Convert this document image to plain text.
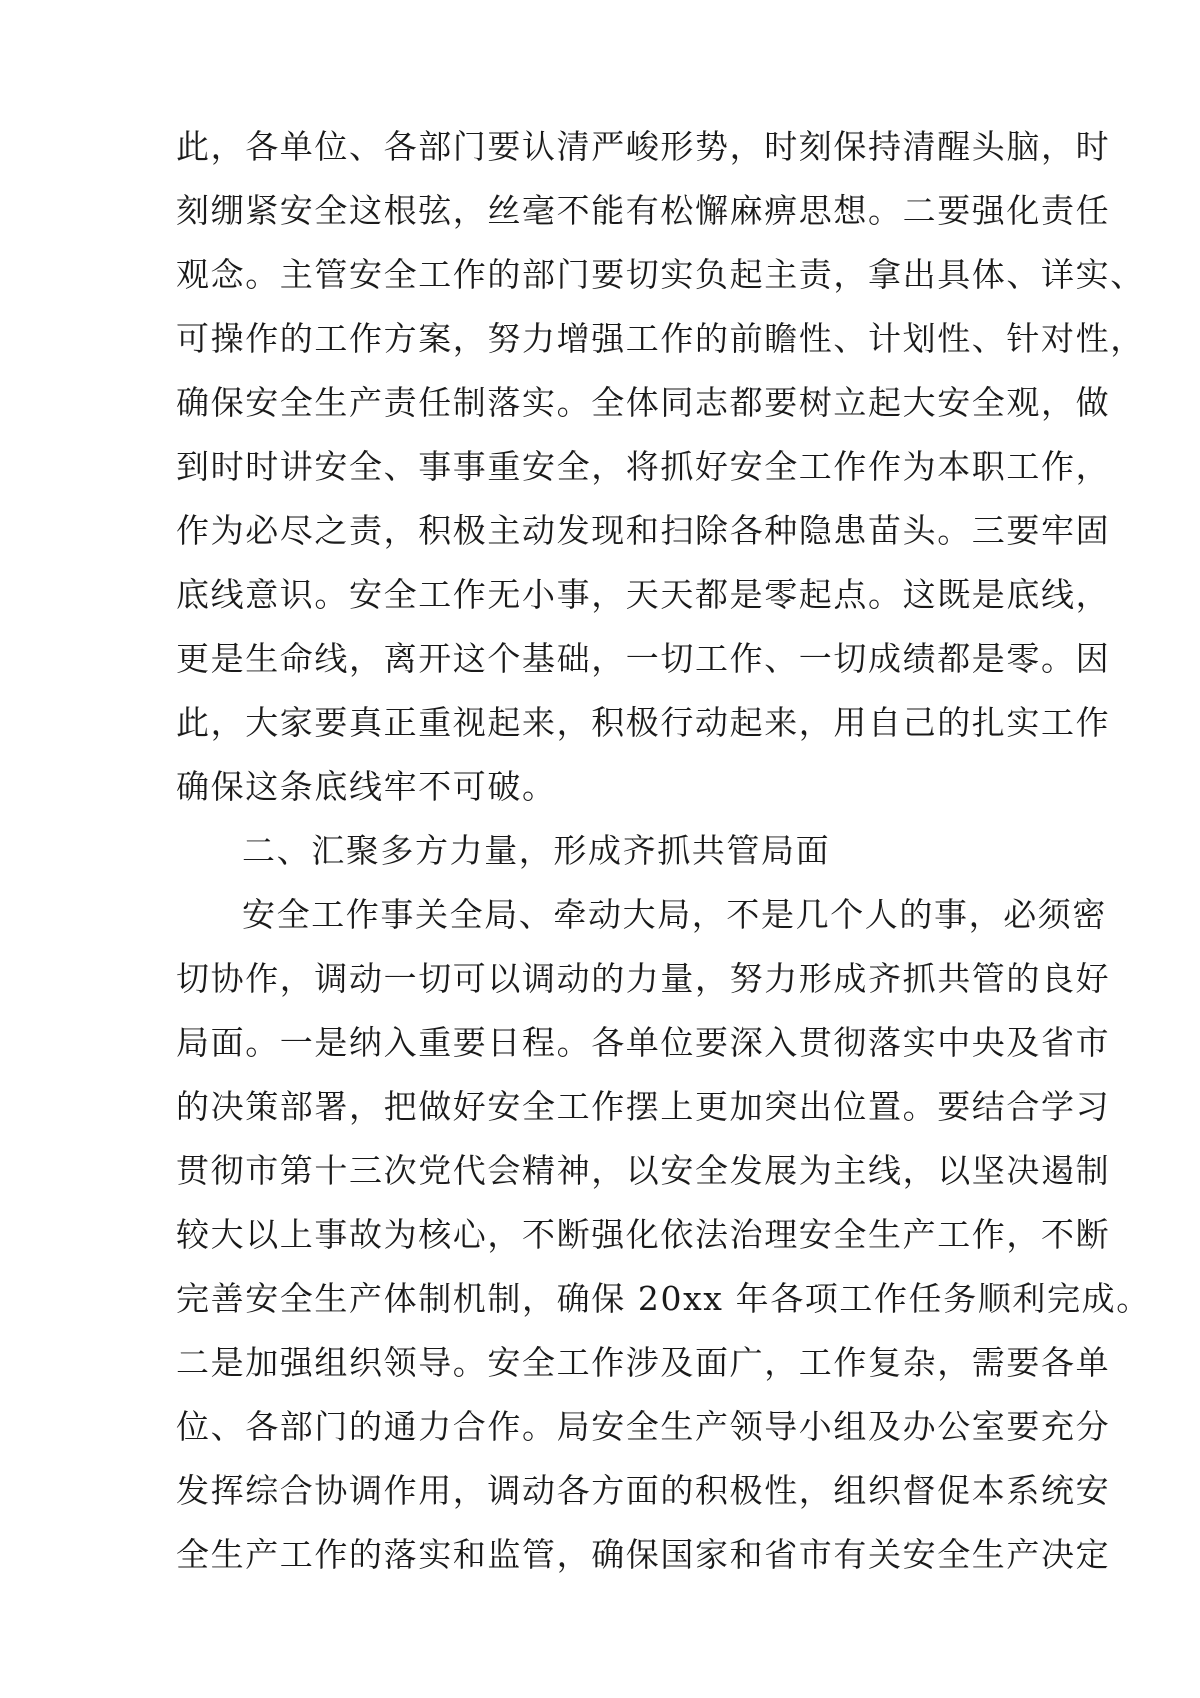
此，各单位、各部门要认清严峻形势，时刻保持清醒头脑，时
刻绷紧安全这根弦，丝毫不能有松懈麻痹思想。二要强化责任
观念。主管安全工作的部门要切实负起主责，拿出具体、详实、
可操作的工作方案，努力增强工作的前瞻性、计划性、针对性，
确保安全生产责任制落实。全体同志都要树立起大安全观，做
到时时讲安全、事事重安全，将抓好安全工作作为本职工作，
作为必尽之责，积极主动发现和扫除各种隐患苗头。三要牢固
底线意识。安全工作无小事，天天都是零起点。这既是底线，
更是生命线，离开这个基础，一切工作、一切成绩都是零。因
此，大家要真正重视起来，积极行动起来，用自己的扎实工作
确保这条底线牢不可破。
二、汇聚多方力量，形成齐抓共管局面
安全工作事关全局、牵动大局，不是几个人的事，必须密
切协作，调动一切可以调动的力量，努力形成齐抓共管的良好
局面。一是纳入重要日程。各单位要深入贯彻落实中央及省市
的决策部署，把做好安全工作摆上更加突出位置。要结合学习
贯彻市第十三次党代会精神，以安全发展为主线，以坚决遏制
较大以上事故为核心，不断强化依法治理安全生产工作，不断
完善安全生产体制机制，确保 20xx 年各项工作任务顺利完成。
二是加强组织领导。安全工作涉及面广，工作复杂，需要各单
位、各部门的通力合作。局安全生产领导小组及办公室要充分
发挥综合协调作用，调动各方面的积极性，组织督促本系统安
全生产工作的落实和监管，确保国家和省市有关安全生产决定
